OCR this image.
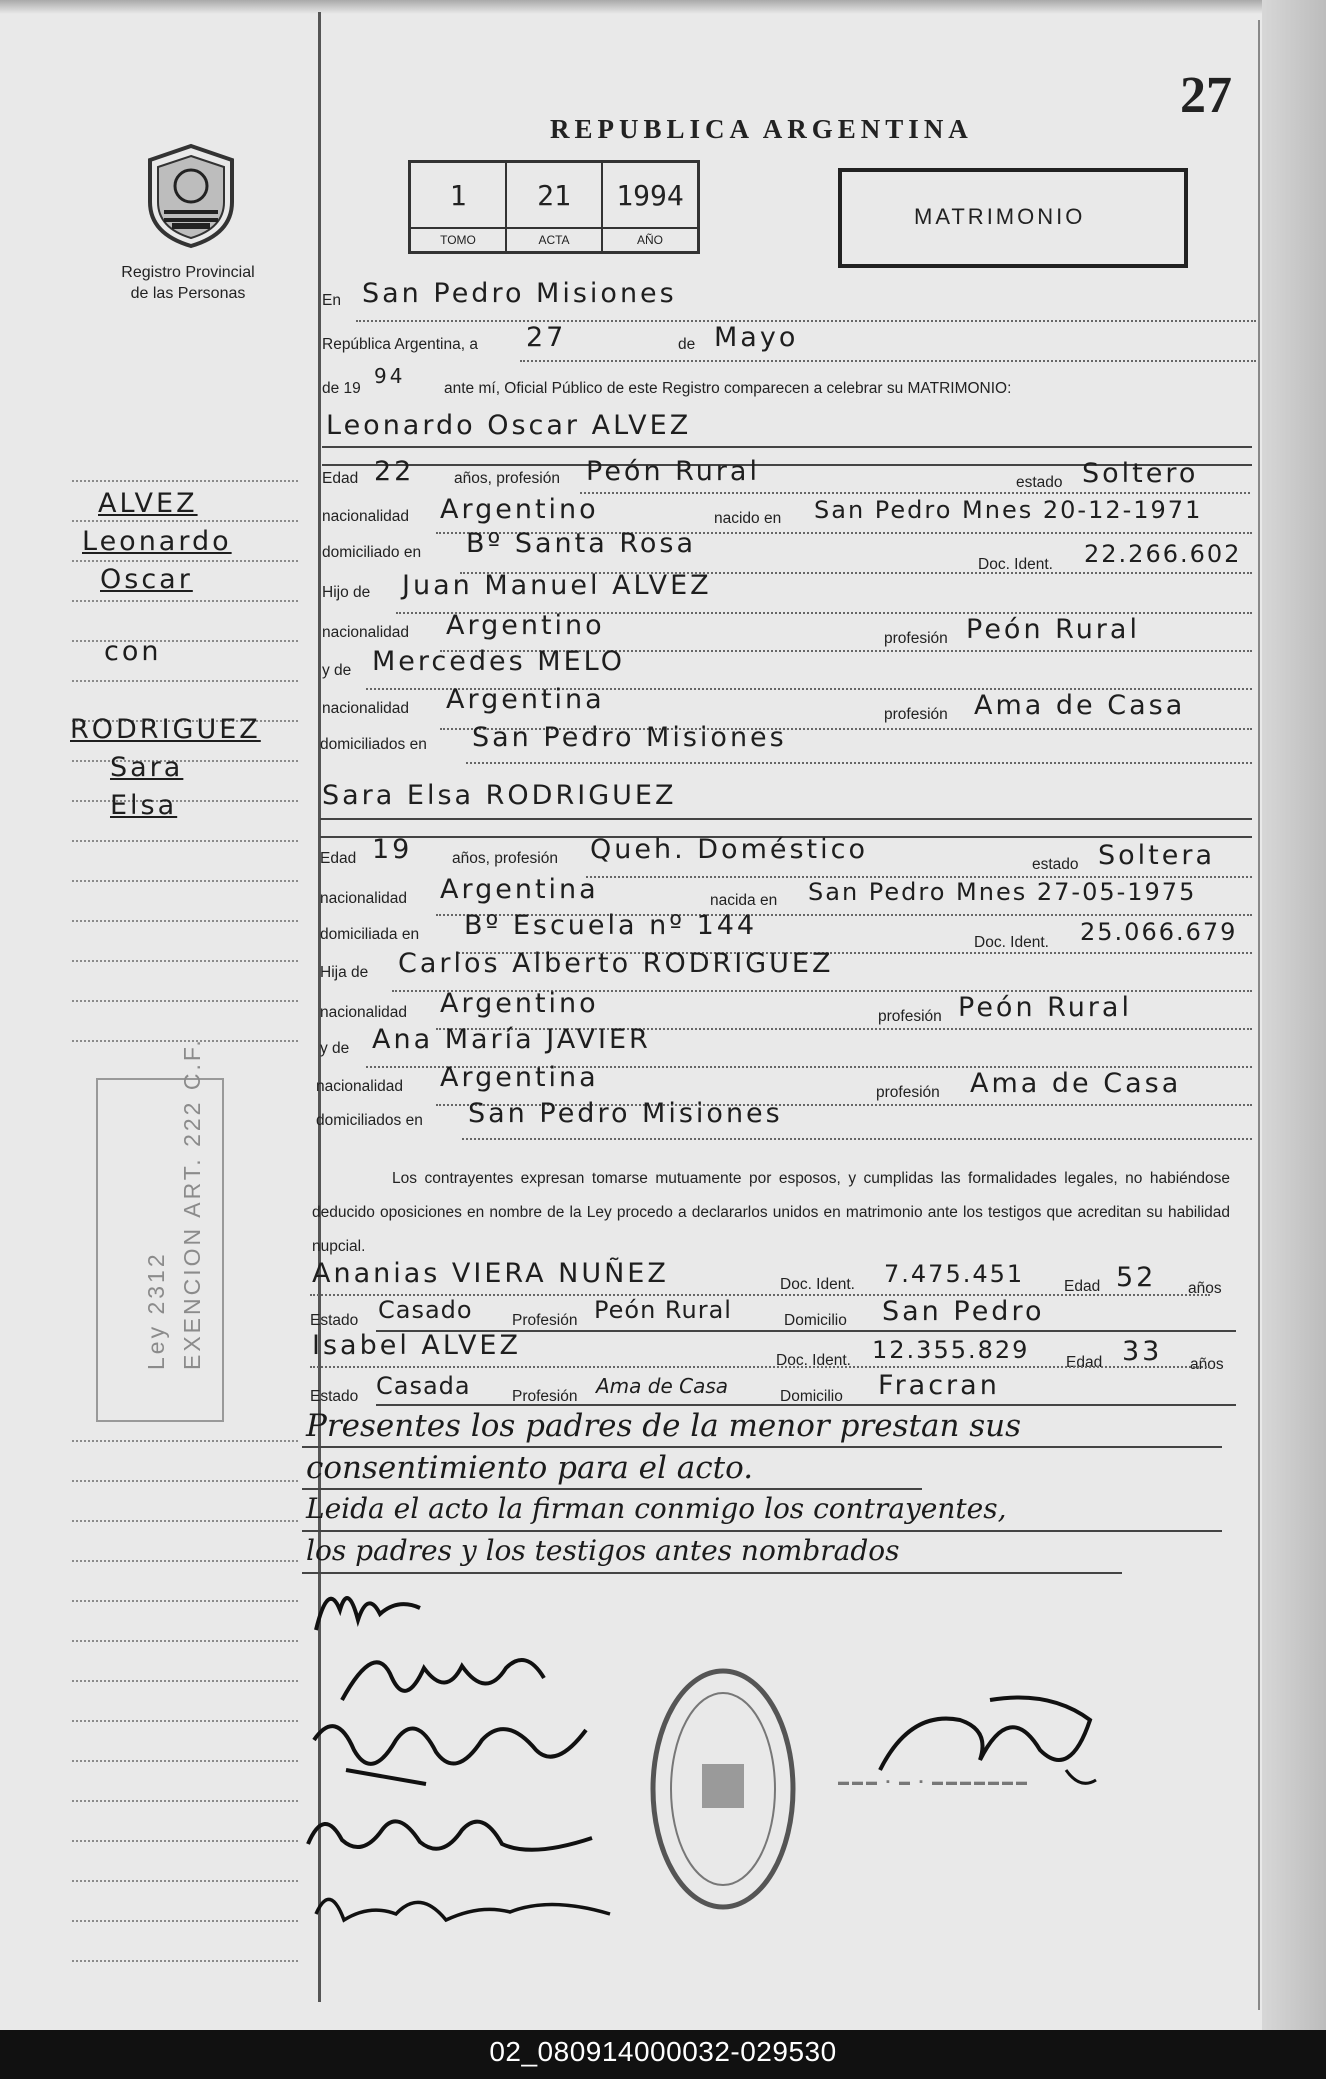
27
REPUBLICA ARGENTINA
Registro Provincial
de las Personas
1
TOMO
21
ACTA
1994
AÑO
MATRIMONIO
ALVEZ
Leonardo
Oscar
con
RODRIGUEZ
Sara
Elsa
En San Pedro Misiones
República Argentina, a 27	de Mayo
de 19
94
ante mí, Oficial Público de este Registro comparecen a celebrar su MATRIMONIO:
Leonardo Oscar ALVEZ
Edad 22	años, profesión Peón Rural	estado Soltero
nacionalidad Argentino	nacido en San Pedro Mnes 20-12-1971
domiciliado en Bº Santa Rosa
Doc. Ident. 22.266.602
Hijo de Juan Manuel ALVEZ
nacionalidad Argentino	profesión Peón Rural
y de Mercedes MELO
nacionalidad Argentina	profesión Ama de Casa
domiciliados en San Pedro Misiones
Sara Elsa RODRIGUEZ
Edad 19	años, profesión Queh. Doméstico	estado Soltera
nacionalidad Argentina	nacida en San Pedro Mnes 27-05-1975
domiciliada en Bº Escuela nº 144
Doc. Ident. 25.066.679
Hija de Carlos Alberto RODRIGUEZ
nacionalidad Argentino	profesión Peón Rural
y de Ana María JAVIER
nacionalidad Argentina	profesión Ama de Casa
domiciliados en San Pedro Misiones
Los contrayentes expresan tomarse mutuamente por esposos, y cumplidas las formalidades legales, no habiéndose deducido oposiciones en nombre de la Ley procedo a declararlos unidos en matrimonio ante los testigos que acreditan su habilidad nupcial.
Ananias VIERA NUÑEZ	Doc. Ident. 7.475.451	Edad 52 años
Estado Casado	Profesión Peón Rural	Domicilio San Pedro
Isabel ALVEZ	Doc. Ident. 12.355.829 Edad 33 años
Estado Casada	Profesión Ama de Casa	Domicilio Fracran
Presentes los padres de la menor prestan sus
consentimiento para el acto.
Leida el acto la firman conmigo los contrayentes,
los padres y los testigos antes nombrados
Ley 2312 EXENCION ART. 222 C.F.
▬▬▬ ▪ ▬ ▪ ▬▬▬▬▬▬▬
02_080914000032-029530
